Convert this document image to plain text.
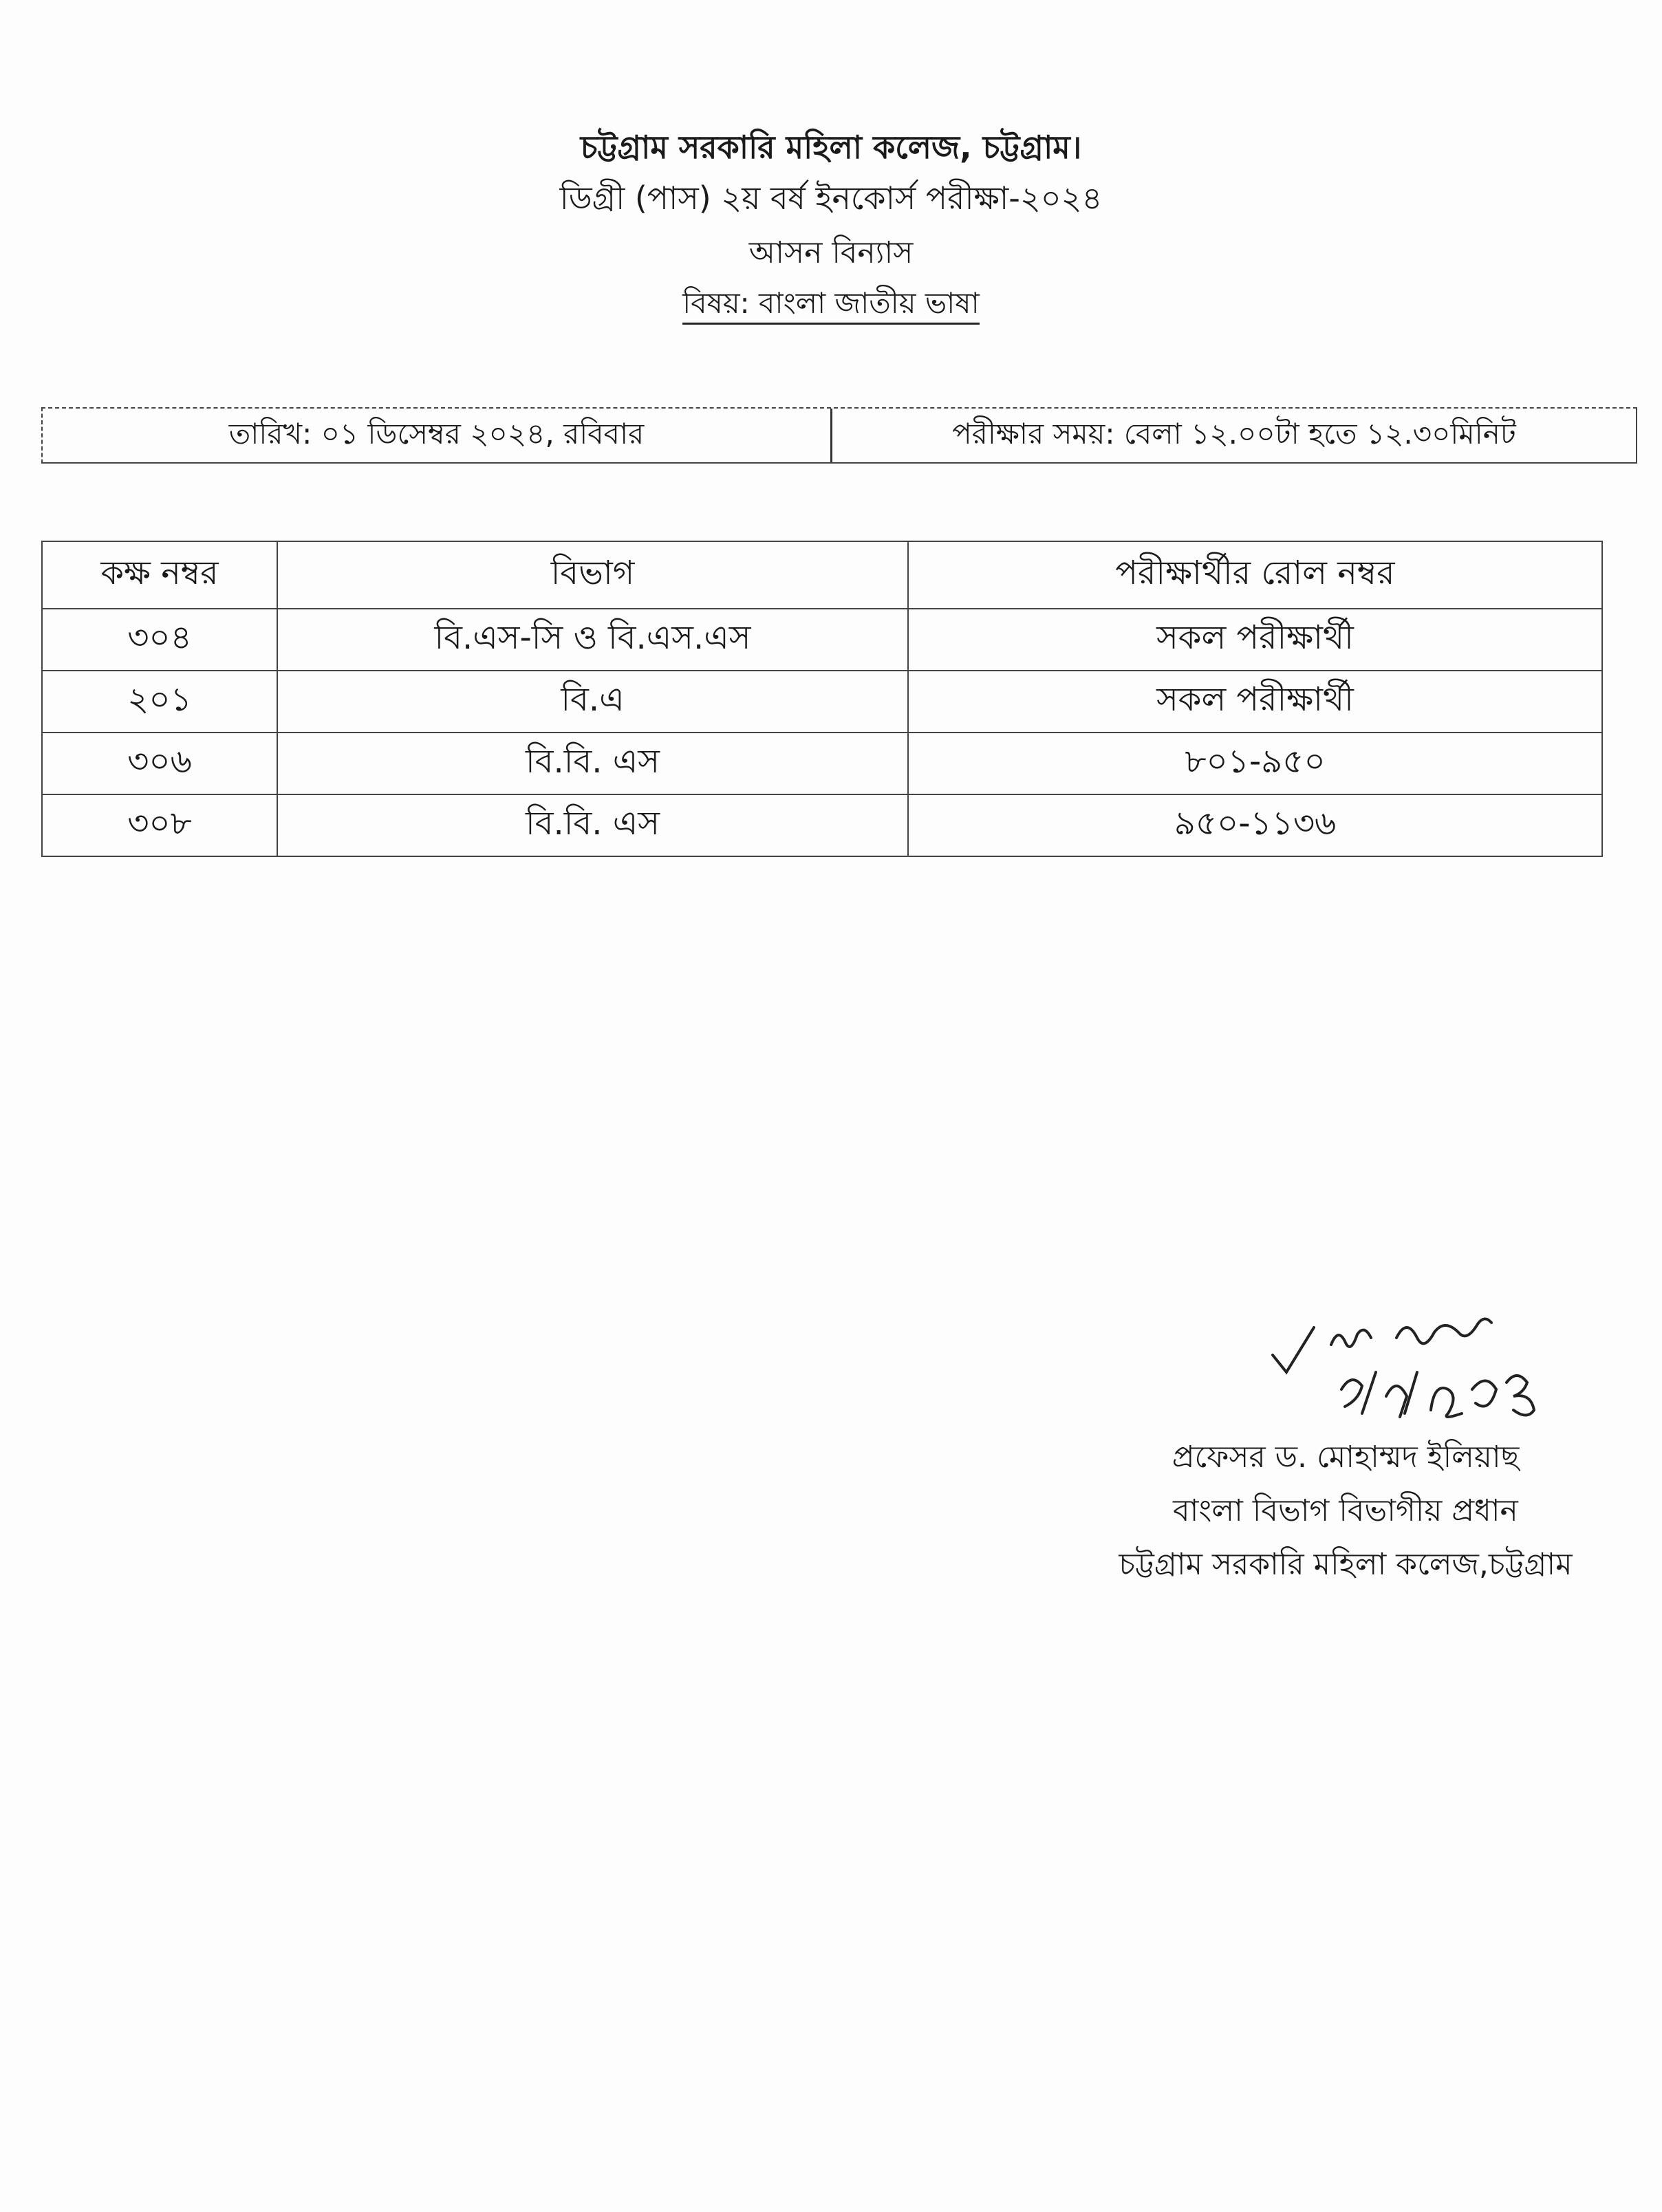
চট্টগ্রাম সরকারি মহিলা কলেজ, চট্টগ্রাম।
ডিগ্রী (পাস) ২য় বর্ষ ইনকোর্স পরীক্ষা-২০২৪
আসন বিন্যাস
বিষয়: বাংলা জাতীয় ভাষা
তারিখ: ০১ ডিসেম্বর ২০২৪, রবিবার	পরীক্ষার সময়: বেলা ১২.০০টা হতে ১২.৩০মিনিট
কক্ষ নম্বর	বিভাগ	পরীক্ষার্থীর রোল নম্বর
৩০৪	বি.এস-সি ও বি.এস.এস	সকল পরীক্ষার্থী
২০১	বি.এ	সকল পরীক্ষার্থী
৩০৬	বি.বি. এস	৮০১-৯৫০
৩০৮	বি.বি. এস	৯৫০-১১৩৬
প্রফেসর ড. মোহাম্মদ ইলিয়াছ
বাংলা বিভাগ বিভাগীয় প্রধান
চট্টগ্রাম সরকারি মহিলা কলেজ,চট্টগ্রাম
